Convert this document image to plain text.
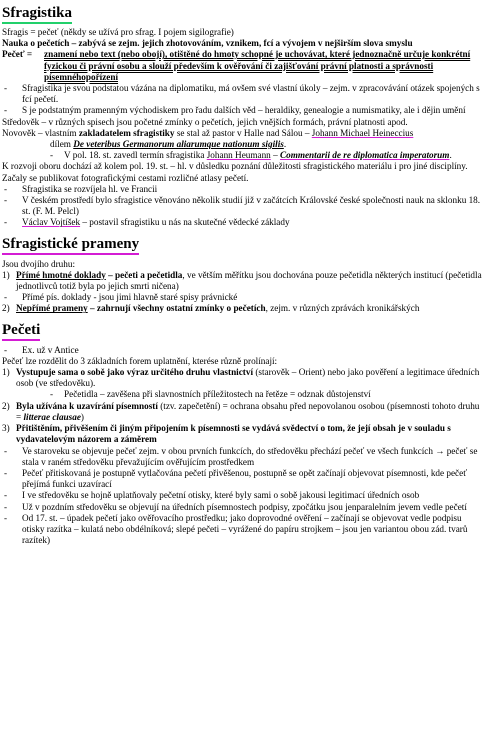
Sfragistika
Sfragis = pečeť (někdy se užívá pro sfrag. I pojem sigilografie)
Nauka o pečetích – zabývá se zejm. jejich zhotovováním, vznikem, fcí a vývojem v nejširším slova smyslu
Pečeť =	znamení nebo text (nebo obojí), otištěné do hmoty schopné je uchovávat, které jednoznačně určuje konkrétní fyzickou či právní osobu a slouží především k ověřování či zajišťování právní platnosti a správnosti písemnéhopořízení
-	Sfragistika je svou podstatou vázána na diplomatiku, má ovšem své vlastní úkoly – zejm. v zpracovávání otázek spojených s fcí pečetí.
-	S je podstatným pramenným východiskem pro řadu dalších věd – heraldiky, genealogie a numismatiky, ale i dějin umění
Středověk – v různých spisech jsou početné zmínky o pečetích, jejich vnějších formách, právní platnosti apod.
Novověk – vlastním zakladatelem sfragistiky se stal až pastor v Halle nad Sálou – Johann Michael Heineccius
dílem De veteribus Germanorum aliarumque nationum sigilis.
-	V pol. 18. st. zavedl termín sfragistika Johann Heumann – Commentarii de re diplomatica imperatorum.
K rozvoji oboru dochází až kolem pol. 19. st. – hl. v důsledku poznání důležitosti sfragistického materiálu i pro jiné disciplíny. Začaly se publikovat fotografickými cestami rozličné atlasy pečetí.
-	Sfragistika se rozvíjela hl. ve Francii
-	V českém prostředí bylo sfragistice věnováno několik studií již v začátcích Královské české společnosti nauk na sklonku 18. st. (F. M. Pelcl)
-	Václav Vojtíšek – postavil sfragistiku u nás na skutečné vědecké základy
Sfragistické prameny
Jsou dvojího druhu:
1) Přímé hmotné doklady – pečeti a pečetidla, ve větším měřítku jsou dochována pouze pečetidla některých institucí (pečetidla jednotlivců totiž byla po jejich smrti ničena)
-	Přímé pís. doklady - jsou jimi hlavně staré spisy právnické
2) Nepřímé prameny – zahrnují všechny ostatní zmínky o pečetích, zejm. v různých zprávách kronikářských
Pečeti
-	Ex. už v Antice
Pečeť lze rozdělit do 3 základních forem uplatnění, kterése různě prolínají:
1) Vystupuje sama o sobě jako výraz určitého druhu vlastnictví (starověk – Orient) nebo jako pověření a legitimace úředních osob (ve středověku).
-	Pečetidla – zavěšena při slavnostních příležitostech na řetěze = odznak důstojenství
2) Byla užívána k uzavírání písemností (tzv. zapečetění) = ochrana obsahu před nepovolanou osobou (písemnosti tohoto druhu = litterae clausae)
3) Přitištěním, přivěšením či jiným připojením k písemnosti se vydává svědectví o tom, že její obsah je v souladu s vydavatelovým názorem a záměrem
-	Ve staroveku se objevuje pečeť zejm. v obou prvních funkcích, do středověku přechází pečeť ve všech funkcích → pečeť se stala v raném středověku převažujícím ověřujícím prostředkem
-	Pečeť přitiskovaná je postupně vytlačována pečetí přivěšenou, postupně se opět začínají objevovat písemnosti, kde pečeť přejímá funkci uzavírací
-	I ve středověku se hojně uplatňovaly pečetní otisky, které byly sami o sobě jakousi legitimací úředních osob
-	Už v pozdním středověku se objevují na úředních písemnostech podpisy, zpočátku jsou jenparalelním jevem vedle pečetí
-	Od 17. st. – úpadek pečetí jako ověřovacího prostředku; jako doprovodné ověření – začínají se objevovat vedle podpisu otisky razítka – kulatá nebo obdélníková; slepé pečeti – vyrážené do papíru strojkem – jsou jen variantou obou zád. tvarů razítek)
